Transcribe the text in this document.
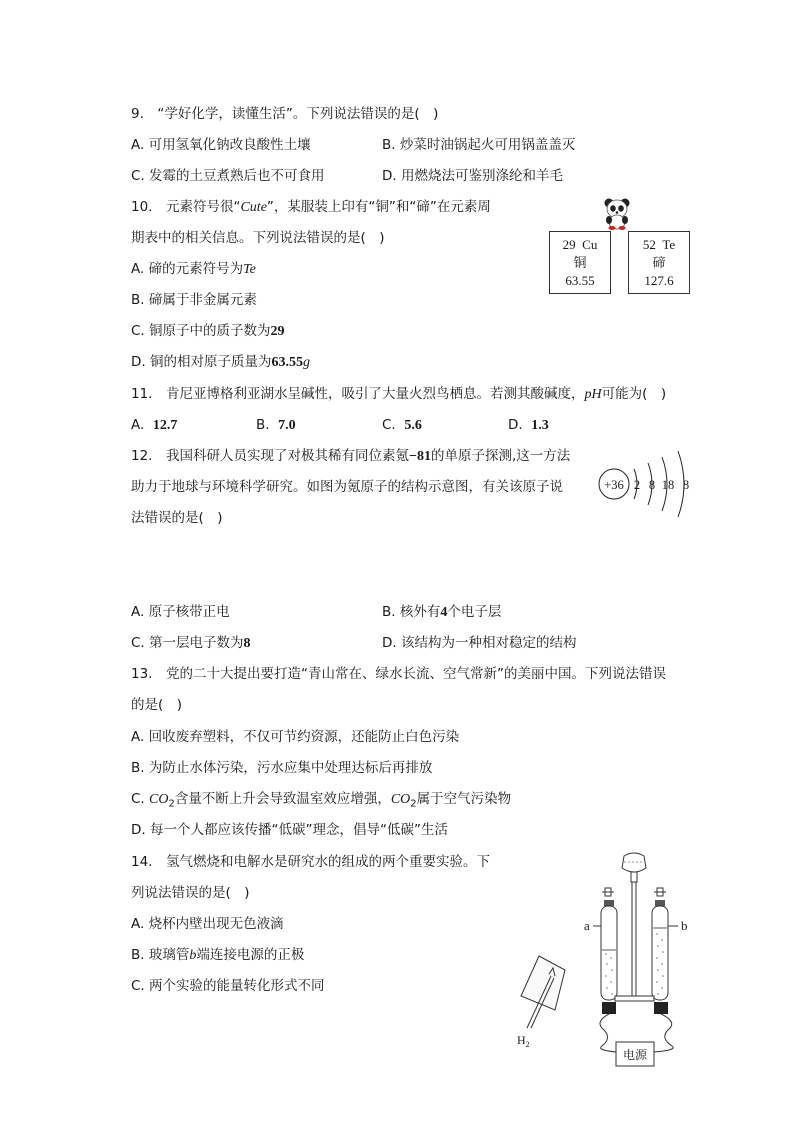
9.　“学好化学，读懂生活”。下列说法错误的是(　)
A. 可用氢氧化钠改良酸性土壤	B. 炒菜时油锅起火可用锅盖盖灭
C. 发霉的土豆煮熟后也不可食用	D. 用燃烧法可鉴别涤纶和羊毛
10.　元素符号很“Cute”，某服装上印有“铜”和“碲”在元素周
期表中的相关信息。下列说法错误的是(　)
A. 碲的元素符号为Te
B. 碲属于非金属元素
C. 铜原子中的质子数为29
D. 铜的相对原子质量为63.55g
29 Cu
铜
63.55
52 Te
碲
127.6
11.　肯尼亚博格利亚湖水呈碱性，吸引了大量火烈鸟栖息。若测其酸碱度，pH可能为(　)
A. 12.7	B. 7.0	C. 5.6	D. 1.3
12.　我国科研人员实现了对极其稀有同位素氪−81的单原子探测,这一方法
助力于地球与环境科学研究。如图为氪原子的结构示意图，有关该原子说
法错误的是(　)
+36 2 8 18 8
A. 原子核带正电	B. 核外有4个电子层
C. 第一层电子数为8	D. 该结构为一种相对稳定的结构
13.　党的二十大提出要打造“青山常在、绿水长流、空气常新”的美丽中国。下列说法错误
的是(　)
A. 回收废弃塑料，不仅可节约资源，还能防止白色污染
B. 为防止水体污染，污水应集中处理达标后再排放
C. $CO_2$含量不断上升会导致温室效应增强，$CO_2$属于空气污染物
D. 每一个人都应该传播“低碳”理念，倡导“低碳”生活
14.　氢气燃烧和电解水是研究水的组成的两个重要实验。下
列说法错误的是(　)
A. 烧杯内壁出现无色液滴
B. 玻璃管b端连接电源的正极
C. 两个实验的能量转化形式不同
$H_2$
a	b
电源
